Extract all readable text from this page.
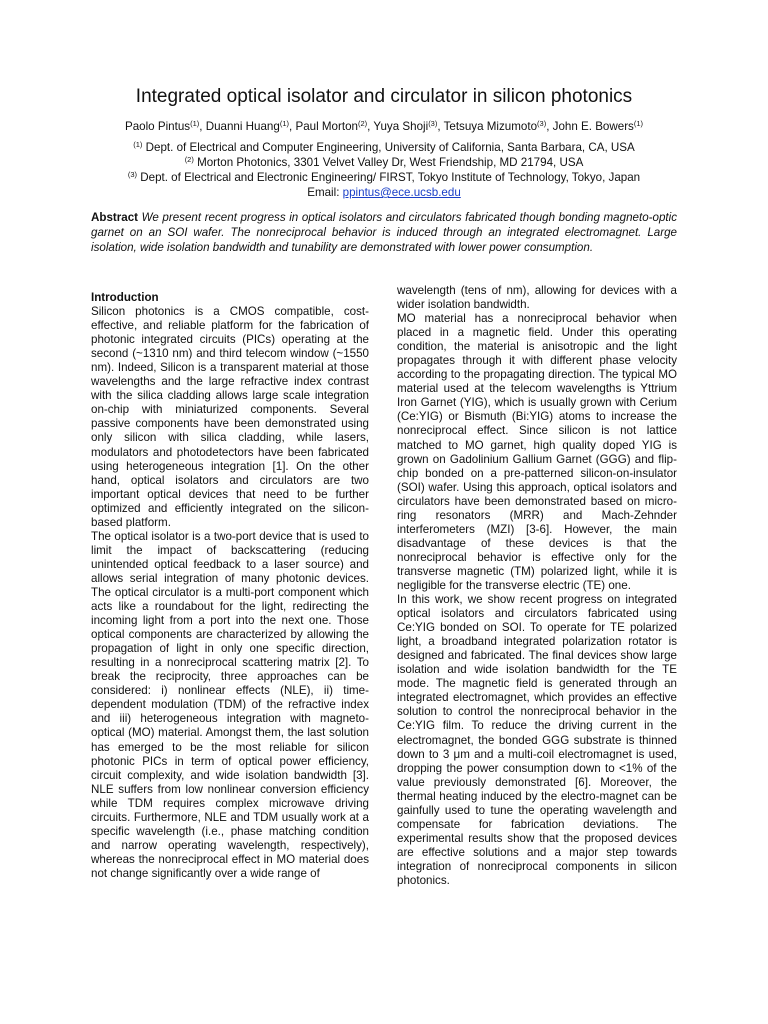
Integrated optical isolator and circulator in silicon photonics
Paolo Pintus$^{(1)}$, Duanni Huang$^{(1)}$, Paul Morton$^{(2)}$, Yuya Shoji$^{(3)}$, Tetsuya Mizumoto$^{(3)}$, John E. Bowers$^{(1)}$
$^{(1)}$ Dept. of Electrical and Computer Engineering, University of California, Santa Barbara, CA, USA
$^{(2)}$ Morton Photonics, 3301 Velvet Valley Dr, West Friendship, MD 21794, USA
$^{(3)}$ Dept. of Electrical and Electronic Engineering/ FIRST, Tokyo Institute of Technology, Tokyo, Japan
Email: ppintus@ece.ucsb.edu
Abstract We present recent progress in optical isolators and circulators fabricated though bonding magneto-optic garnet on an SOI wafer. The nonreciprocal behavior is induced through an integrated electromagnet. Large isolation, wide isolation bandwidth and tunability are demonstrated with lower power consumption.

Introduction

Silicon photonics is a CMOS compatible, cost-effective, and reliable platform for the fabrication of photonic integrated circuits (PICs) operating at the second (~1310 nm) and third telecom window (~1550 nm). Indeed, Silicon is a transparent material at those wavelengths and the large refractive index contrast with the silica cladding allows large scale integration on-chip with miniaturized components. Several passive components have been demonstrated using only silicon with silica cladding, while lasers, modulators and photodetectors have been fabricated using heterogeneous integration [1]. On the other hand, optical isolators and circulators are two important optical devices that need to be further optimized and efficiently integrated on the silicon-based platform.

The optical isolator is a two-port device that is used to limit the impact of backscattering (reducing unintended optical feedback to a laser source) and allows serial integration of many photonic devices. The optical circulator is a multi-port component which acts like a roundabout for the light, redirecting the incoming light from a port into the next one. Those optical components are characterized by allowing the propagation of light in only one specific direction, resulting in a nonreciprocal scattering matrix [2]. To break the reciprocity, three approaches can be considered: i) nonlinear effects (NLE), ii) time-dependent modulation (TDM) of the refractive index and iii) heterogeneous integration with magneto-optical (MO) material. Amongst them, the last solution has emerged to be the most reliable for silicon photonic PICs in term of optical power efficiency, circuit complexity, and wide isolation bandwidth [3]. NLE suffers from low nonlinear conversion efficiency while TDM requires complex microwave driving circuits. Furthermore, NLE and TDM usually work at a specific wavelength (i.e., phase matching condition and narrow operating wavelength, respectively), whereas the nonreciprocal effect in MO material does not change significantly over a wide range of

wavelength (tens of nm), allowing for devices with a wider isolation bandwidth.

MO material has a nonreciprocal behavior when placed in a magnetic field. Under this operating condition, the material is anisotropic and the light propagates through it with different phase velocity according to the propagating direction. The typical MO material used at the telecom wavelengths is Yttrium Iron Garnet (YIG), which is usually grown with Cerium (Ce:YIG) or Bismuth (Bi:YIG) atoms to increase the nonreciprocal effect. Since silicon is not lattice matched to MO garnet, high quality doped YIG is grown on Gadolinium Gallium Garnet (GGG) and flip-chip bonded on a pre-patterned silicon-on-insulator (SOI) wafer. Using this approach, optical isolators and circulators have been demonstrated based on micro-ring resonators (MRR) and Mach-Zehnder interferometers (MZI) [3-6]. However, the main disadvantage of these devices is that the nonreciprocal behavior is effective only for the transverse magnetic (TM) polarized light, while it is negligible for the transverse electric (TE) one.

In this work, we show recent progress on integrated optical isolators and circulators fabricated using Ce:YIG bonded on SOI. To operate for TE polarized light, a broadband integrated polarization rotator is designed and fabricated. The final devices show large isolation and wide isolation bandwidth for the TE mode. The magnetic field is generated through an integrated electromagnet, which provides an effective solution to control the nonreciprocal behavior in the Ce:YIG film. To reduce the driving current in the electromagnet, the bonded GGG substrate is thinned down to 3 μm and a multi-coil electromagnet is used, dropping the power consumption down to <1% of the value previously demonstrated [6]. Moreover, the thermal heating induced by the electro-magnet can be gainfully used to tune the operating wavelength and compensate for fabrication deviations. The experimental results show that the proposed devices are effective solutions and a major step towards integration of nonreciprocal components in silicon photonics.
